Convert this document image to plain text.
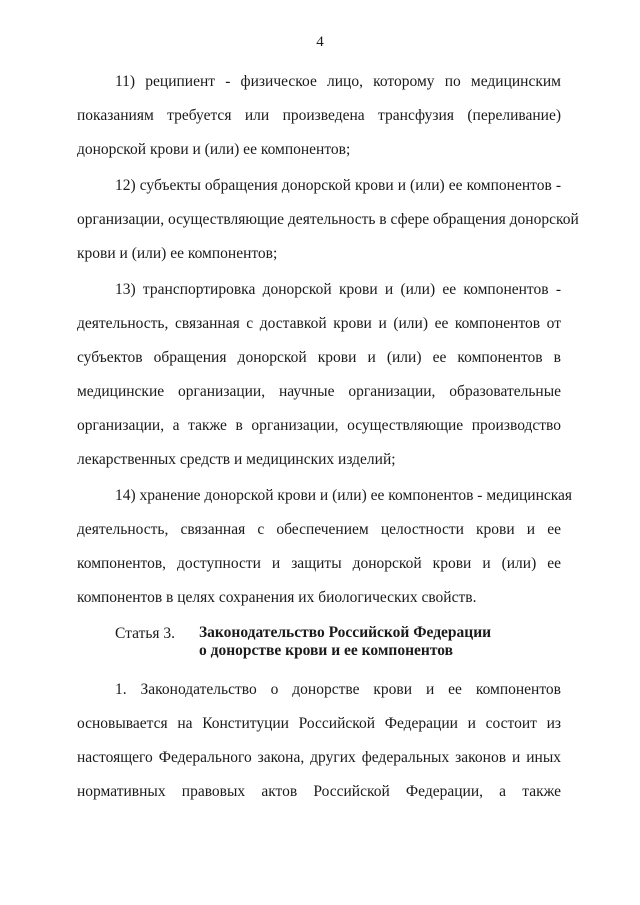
4
11) реципиент - физическое лицо, которому по медицинским
показаниям требуется или произведена трансфузия (переливание)
донорской крови и (или) ее компонентов;
12) субъекты обращения донорской крови и (или) ее компонентов -
организации, осуществляющие деятельность в сфере обращения донорской
крови и (или) ее компонентов;
13) транспортировка донорской крови и (или) ее компонентов -
деятельность, связанная с доставкой крови и (или) ее компонентов от
субъектов обращения донорской крови и (или) ее компонентов в
медицинские организации, научные организации, образовательные
организации, а также в организации, осуществляющие производство
лекарственных средств и медицинских изделий;
14) хранение донорской крови и (или) ее компонентов - медицинская
деятельность, связанная с обеспечением целостности крови и ее
компонентов, доступности и защиты донорской крови и (или) ее
компонентов в целях сохранения их биологических свойств.
Статья 3. Законодательство Российской Федерации
о донорстве крови и ее компонентов
1. Законодательство о донорстве крови и ее компонентов
основывается на Конституции Российской Федерации и состоит из
настоящего Федерального закона, других федеральных законов и иных
нормативных правовых актов Российской Федерации, а также
